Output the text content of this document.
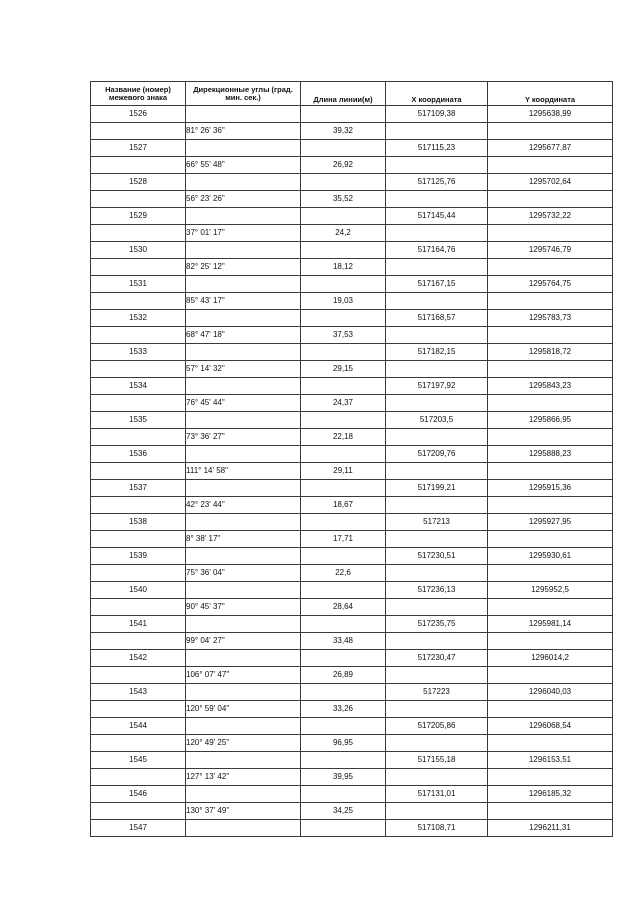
Название (номер) межевого знака	Дирекционные углы (град. мин. сек.)	Длина линии(м)	X координата	Y координата
1526			517109,38	1295638,99
	81° 26' 36"	39,32		
1527			517115,23	1295677,87
	66° 55' 48"	26,92		
1528			517125,76	1295702,64
	56° 23' 26"	35,52		
1529			517145,44	1295732,22
	37° 01' 17"	24,2		
1530			517164,76	1295746,79
	82° 25' 12"	18,12		
1531			517167,15	1295764,75
	85° 43' 17"	19,03		
1532			517168,57	1295783,73
	68° 47' 18"	37,53		
1533			517182,15	1295818,72
	57° 14' 32"	29,15		
1534			517197,92	1295843,23
	76° 45' 44"	24,37		
1535			517203,5	1295866,95
	73° 36' 27"	22,18		
1536			517209,76	1295888,23
	111° 14' 58"	29,11		
1537			517199,21	1295915,36
	42° 23' 44"	18,67		
1538			517213	1295927,95
	8° 38' 17"	17,71		
1539			517230,51	1295930,61
	75° 36' 04"	22,6		
1540			517236,13	1295952,5
	90° 45' 37"	28,64		
1541			517235,75	1295981,14
	99° 04' 27"	33,48		
1542			517230,47	1296014,2
	106° 07' 47"	26,89		
1543			517223	1296040,03
	120° 59' 04"	33,26		
1544			517205,86	1296068,54
	120° 49' 25"	96,95		
1545			517155,18	1296153,51
	127° 13' 42"	39,95		
1546			517131,01	1296185,32
	130° 37' 49"	34,25		
1547			517108,71	1296211,31
